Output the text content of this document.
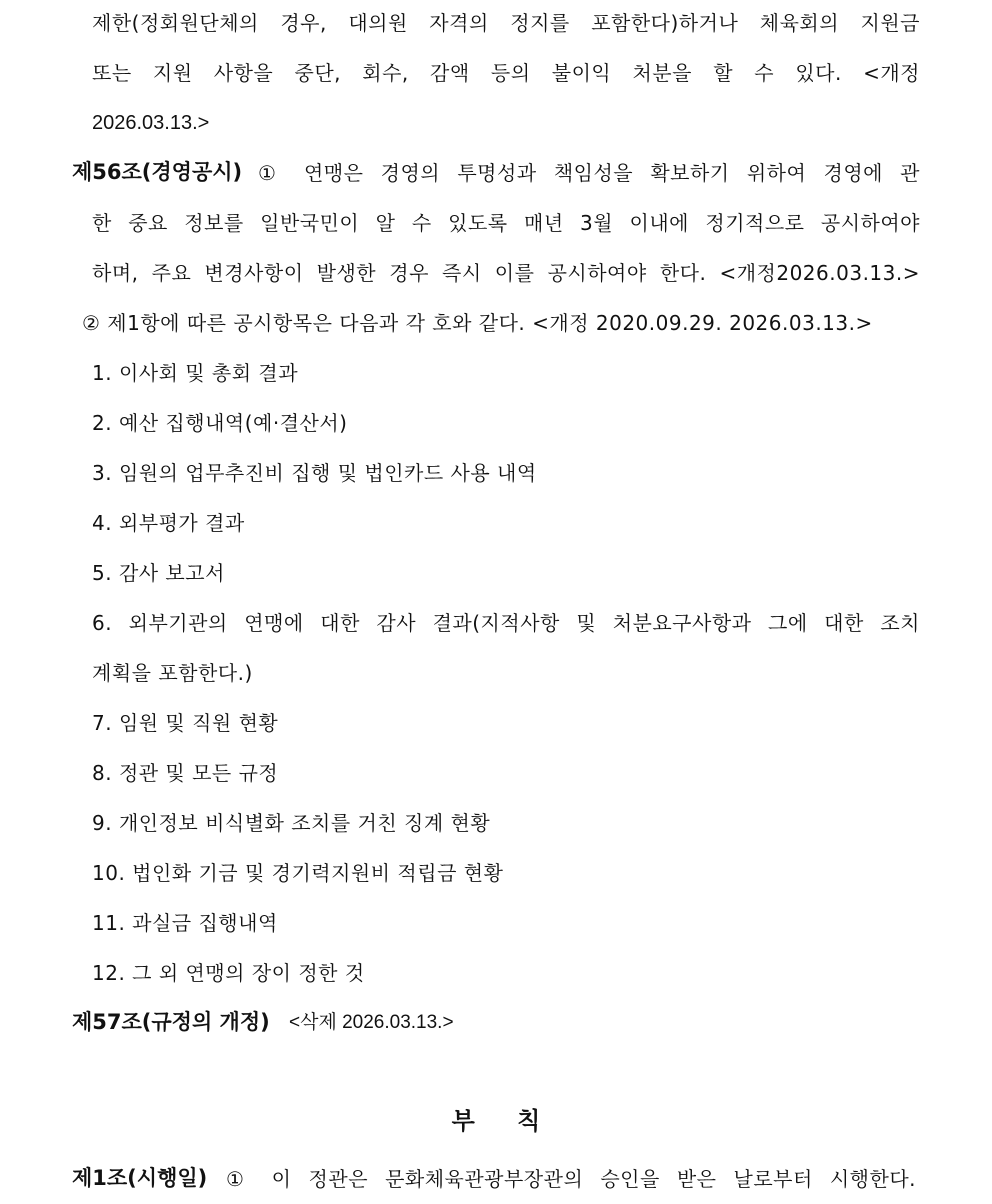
제한(정회원단체의 경우, 대의원 자격의 정지를 포함한다)하거나 체육회의 지원금
또는 지원 사항을 중단, 회수, 감액 등의 불이익 처분을 할 수 있다. <개정
2026.03.13.>
제56조(경영공시) ① 연맹은 경영의 투명성과 책임성을 확보하기 위하여 경영에 관
한 중요 정보를 일반국민이 알 수 있도록 매년 3월 이내에 정기적으로 공시하여야
하며, 주요 변경사항이 발생한 경우 즉시 이를 공시하여야 한다. <개정2026.03.13.>
② 제1항에 따른 공시항목은 다음과 각 호와 같다. <개정 2020.09.29. 2026.03.13.>
1. 이사회 및 총회 결과
2. 예산 집행내역(예·결산서)
3. 임원의 업무추진비 집행 및 법인카드 사용 내역
4. 외부평가 결과
5. 감사 보고서
6. 외부기관의 연맹에 대한 감사 결과(지적사항 및 처분요구사항과 그에 대한 조치
계획을 포함한다.)
7. 임원 및 직원 현황
8. 정관 및 모든 규정
9. 개인정보 비식별화 조치를 거친 징계 현황
10. 법인화 기금 및 경기력지원비 적립금 현황
11. 과실금 집행내역
12. 그 외 연맹의 장이 정한 것
제57조(규정의 개정) <삭제 2026.03.13.>
부 칙
제1조(시행일) ① 이 정관은 문화체육관광부장관의 승인을 받은 날로부터 시행한다.
